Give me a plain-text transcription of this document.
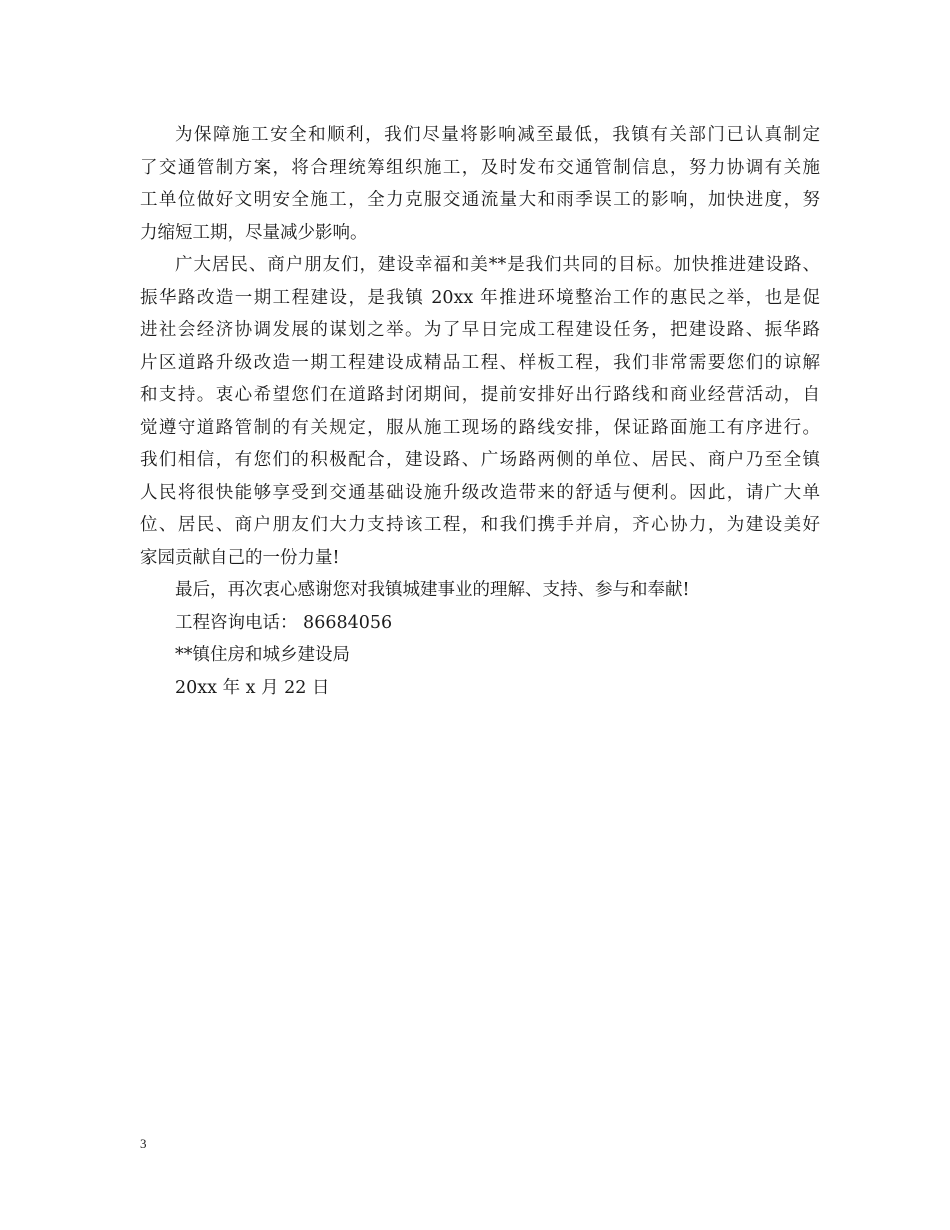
为保障施工安全和顺利，我们尽量将影响减至最低，我镇有关部门已认真制定
了交通管制方案，将合理统筹组织施工，及时发布交通管制信息，努力协调有关施
工单位做好文明安全施工，全力克服交通流量大和雨季误工的影响，加快进度，努
力缩短工期，尽量减少影响。

广大居民、商户朋友们，建设幸福和美**是我们共同的目标。加快推进建设路、
振华路改造一期工程建设，是我镇 20xx 年推进环境整治工作的惠民之举，也是促
进社会经济协调发展的谋划之举。为了早日完成工程建设任务，把建设路、振华路
片区道路升级改造一期工程建设成精品工程、样板工程，我们非常需要您们的谅解
和支持。衷心希望您们在道路封闭期间，提前安排好出行路线和商业经营活动，自
觉遵守道路管制的有关规定，服从施工现场的路线安排，保证路面施工有序进行。
我们相信，有您们的积极配合，建设路、广场路两侧的单位、居民、商户乃至全镇
人民将很快能够享受到交通基础设施升级改造带来的舒适与便利。因此，请广大单
位、居民、商户朋友们大力支持该工程，和我们携手并肩，齐心协力，为建设美好
家园贡献自己的一份力量!

最后，再次衷心感谢您对我镇城建事业的理解、支持、参与和奉献!

工程咨询电话： 86684056

**镇住房和城乡建设局

20xx 年 x 月 22 日

3
